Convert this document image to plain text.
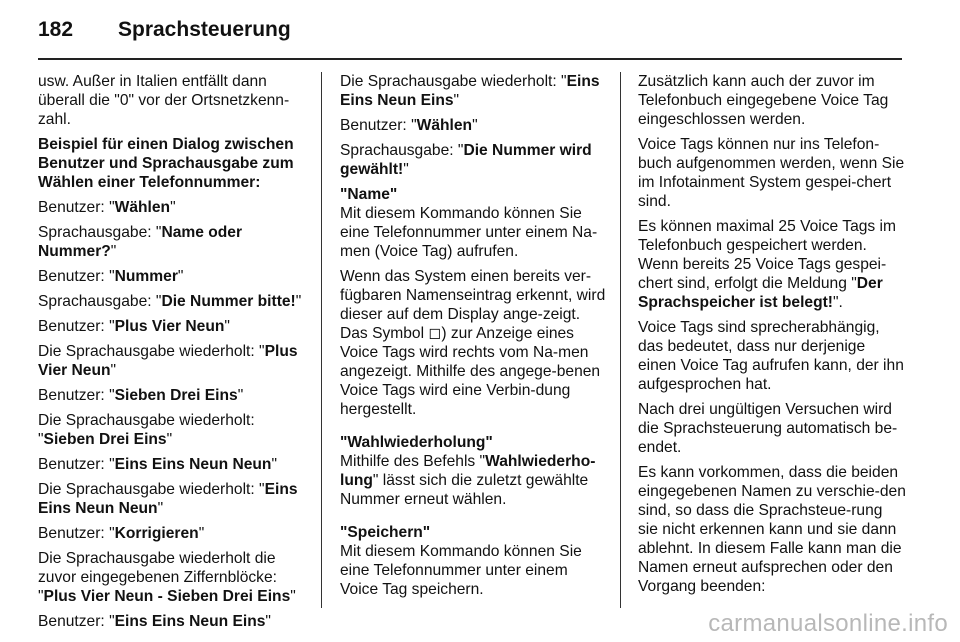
182 Sprachsteuerung

usw. Außer in Italien entfällt dann überall die "0" vor der Ortsnetzkenn-zahl.

Beispiel für einen Dialog zwischen Benutzer und Sprachausgabe zum Wählen einer Telefonnummer:

Benutzer: "Wählen"

Sprachausgabe: "Name oder Nummer?"

Benutzer: "Nummer"

Sprachausgabe: "Die Nummer bitte!"

Benutzer: "Plus Vier Neun"

Die Sprachausgabe wiederholt: "Plus Vier Neun"

Benutzer: "Sieben Drei Eins"

Die Sprachausgabe wiederholt: "Sieben Drei Eins"

Benutzer: "Eins Eins Neun Neun"

Die Sprachausgabe wiederholt: "Eins Eins Neun Neun"

Benutzer: "Korrigieren"

Die Sprachausgabe wiederholt die zuvor eingegebenen Ziffernblöcke: "Plus Vier Neun - Sieben Drei Eins"

Benutzer: "Eins Eins Neun Eins"

Die Sprachausgabe wiederholt: "Eins Eins Neun Eins"

Benutzer: "Wählen"

Sprachausgabe: "Die Nummer wird gewählt!"

"Name"

Mit diesem Kommando können Sie eine Telefonnummer unter einem Na-men (Voice Tag) aufrufen.

Wenn das System einen bereits ver-fügbaren Namenseintrag erkennt, wird dieser auf dem Display ange-zeigt. Das Symbol ◻︎) zur Anzeige eines Voice Tags wird rechts vom Na-men angezeigt. Mithilfe des angege-benen Voice Tags wird eine Verbin-dung hergestellt.

"Wahlwiederholung"

Mithilfe des Befehls "Wahlwiederho-lung" lässt sich die zuletzt gewählte Nummer erneut wählen.

"Speichern"

Mit diesem Kommando können Sie eine Telefonnummer unter einem Voice Tag speichern.

Zusätzlich kann auch der zuvor im Telefonbuch eingegebene Voice Tag eingeschlossen werden.

Voice Tags können nur ins Telefon-buch aufgenommen werden, wenn Sie im Infotainment System gespei-chert sind.

Es können maximal 25 Voice Tags im Telefonbuch gespeichert werden. Wenn bereits 25 Voice Tags gespei-chert sind, erfolgt die Meldung "Der Sprachspeicher ist belegt!".

Voice Tags sind sprecherabhängig, das bedeutet, dass nur derjenige einen Voice Tag aufrufen kann, der ihn aufgesprochen hat.

Nach drei ungültigen Versuchen wird die Sprachsteuerung automatisch be-endet.

Es kann vorkommen, dass die beiden eingegebenen Namen zu verschie-den sind, so dass die Sprachsteue-rung sie nicht erkennen kann und sie dann ablehnt. In diesem Falle kann man die Namen erneut aufsprechen oder den Vorgang beenden:

carmanualsonline.info
